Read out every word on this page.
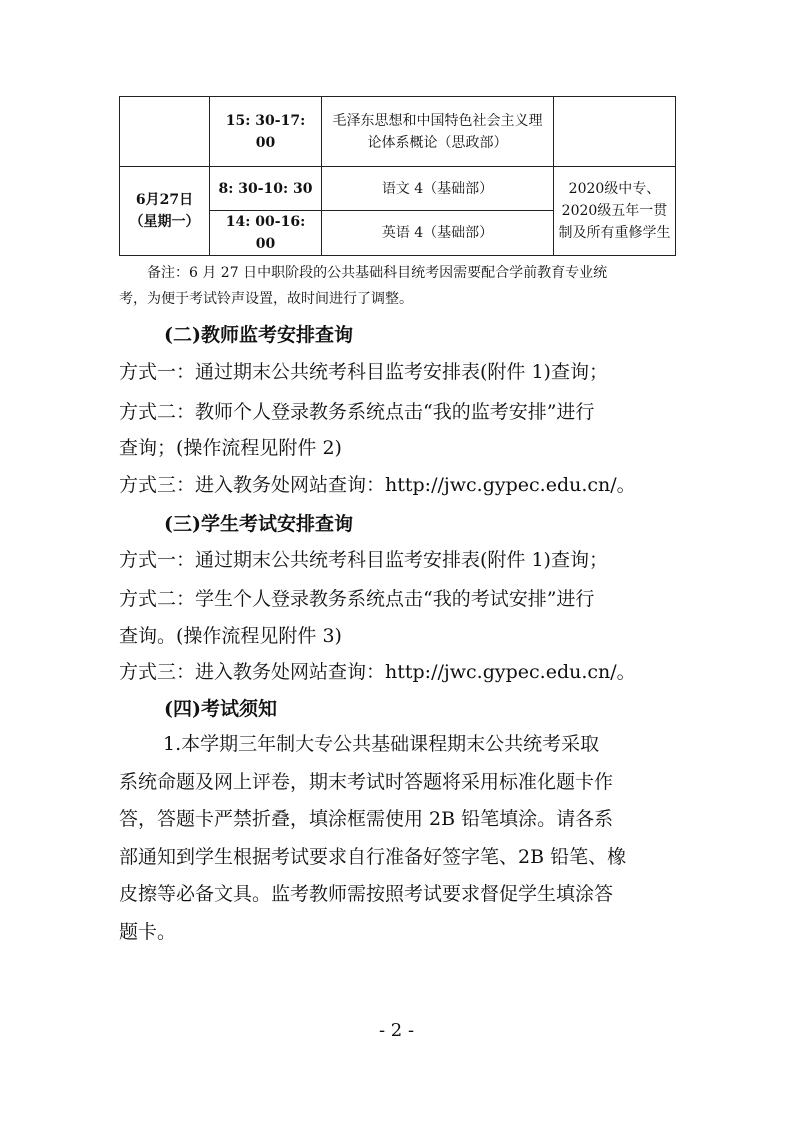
	15: 30-17: 00	毛泽东思想和中国特色社会主义理论体系概论（思政部）	

6月27日
（星期一）	8: 30-10: 30	语文 4（基础部）	2020级中专、2020级五年一贯制及所有重修学生
	14: 00-16: 00	英语 4（基础部）	
备注：6 月 27 日中职阶段的公共基础科目统考因需要配合学前教育专业统
考，为便于考试铃声设置，故时间进行了调整。
(二)教师监考安排查询
方式一：通过期末公共统考科目监考安排表(附件 1)查询；
方式二：教师个人登录教务系统点击“我的监考安排”进行
查询；(操作流程见附件 2)
方式三：进入教务处网站查询：http://jwc.gypec.edu.cn/。
(三)学生考试安排查询
方式一：通过期末公共统考科目监考安排表(附件 1)查询；
方式二：学生个人登录教务系统点击“我的考试安排”进行
查询。(操作流程见附件 3)
方式三：进入教务处网站查询：http://jwc.gypec.edu.cn/。
(四)考试须知
1.本学期三年制大专公共基础课程期末公共统考采取
系统命题及网上评卷，期末考试时答题将采用标准化题卡作
答，答题卡严禁折叠，填涂框需使用 2B 铅笔填涂。请各系
部通知到学生根据考试要求自行准备好签字笔、2B 铅笔、橡
皮擦等必备文具。监考教师需按照考试要求督促学生填涂答
题卡。
- 2 -
